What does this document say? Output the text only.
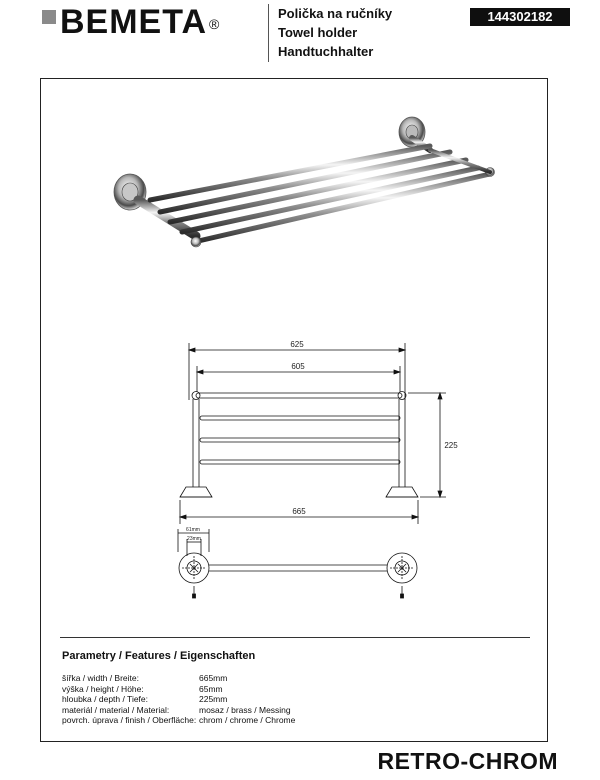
BEMETA ®
Polička na ručníky
Towel holder
Handtuchhalter
144302182
625
605
225
665
61mm
23mm
Parametry / Features / Eigenschaften
šířka / width / Breite:	665mm
výška / height / Höhe:	65mm
hloubka / depth / Tiefe:	225mm
materiál / material / Material:	mosaz / brass / Messing
povrch. úprava / finish / Oberfläche: chrom / chrome / Chrome
RETRO-CHROM
